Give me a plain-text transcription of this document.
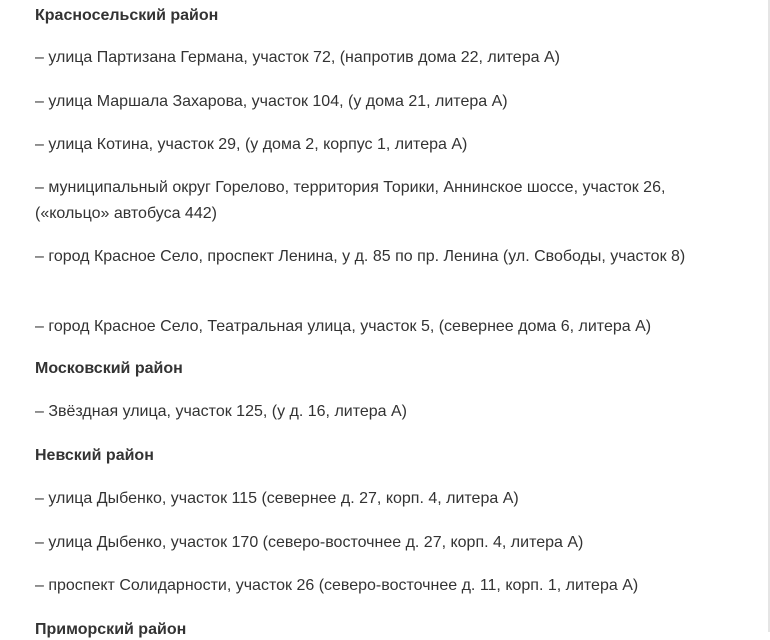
Красносельский район

– улица Партизана Германа, участок 72, (напротив дома 22, литера А)

– улица Маршала Захарова, участок 104, (у дома 21, литера А)

– улица Котина, участок 29, (у дома 2, корпус 1, литера А)

– муниципальный округ Горелово, территория Торики, Аннинское шоссе, участок 26, («кольцо» автобуса 442)

– город Красное Село, проспект Ленина, у д. 85 по пр. Ленина (ул. Свободы, участок 8)

– город Красное Село, Театральная улица, участок 5, (севернее дома 6, литера А)

Московский район

– Звёздная улица, участок 125, (у д. 16, литера А)

Невский район

– улица Дыбенко, участок 115 (севернее д. 27, корп. 4, литера А)

– улица Дыбенко, участок 170 (северо-восточнее д. 27, корп. 4, литера А)

– проспект Солидарности, участок 26 (северо-восточнее д. 11, корп. 1, литера А)

Приморский район
